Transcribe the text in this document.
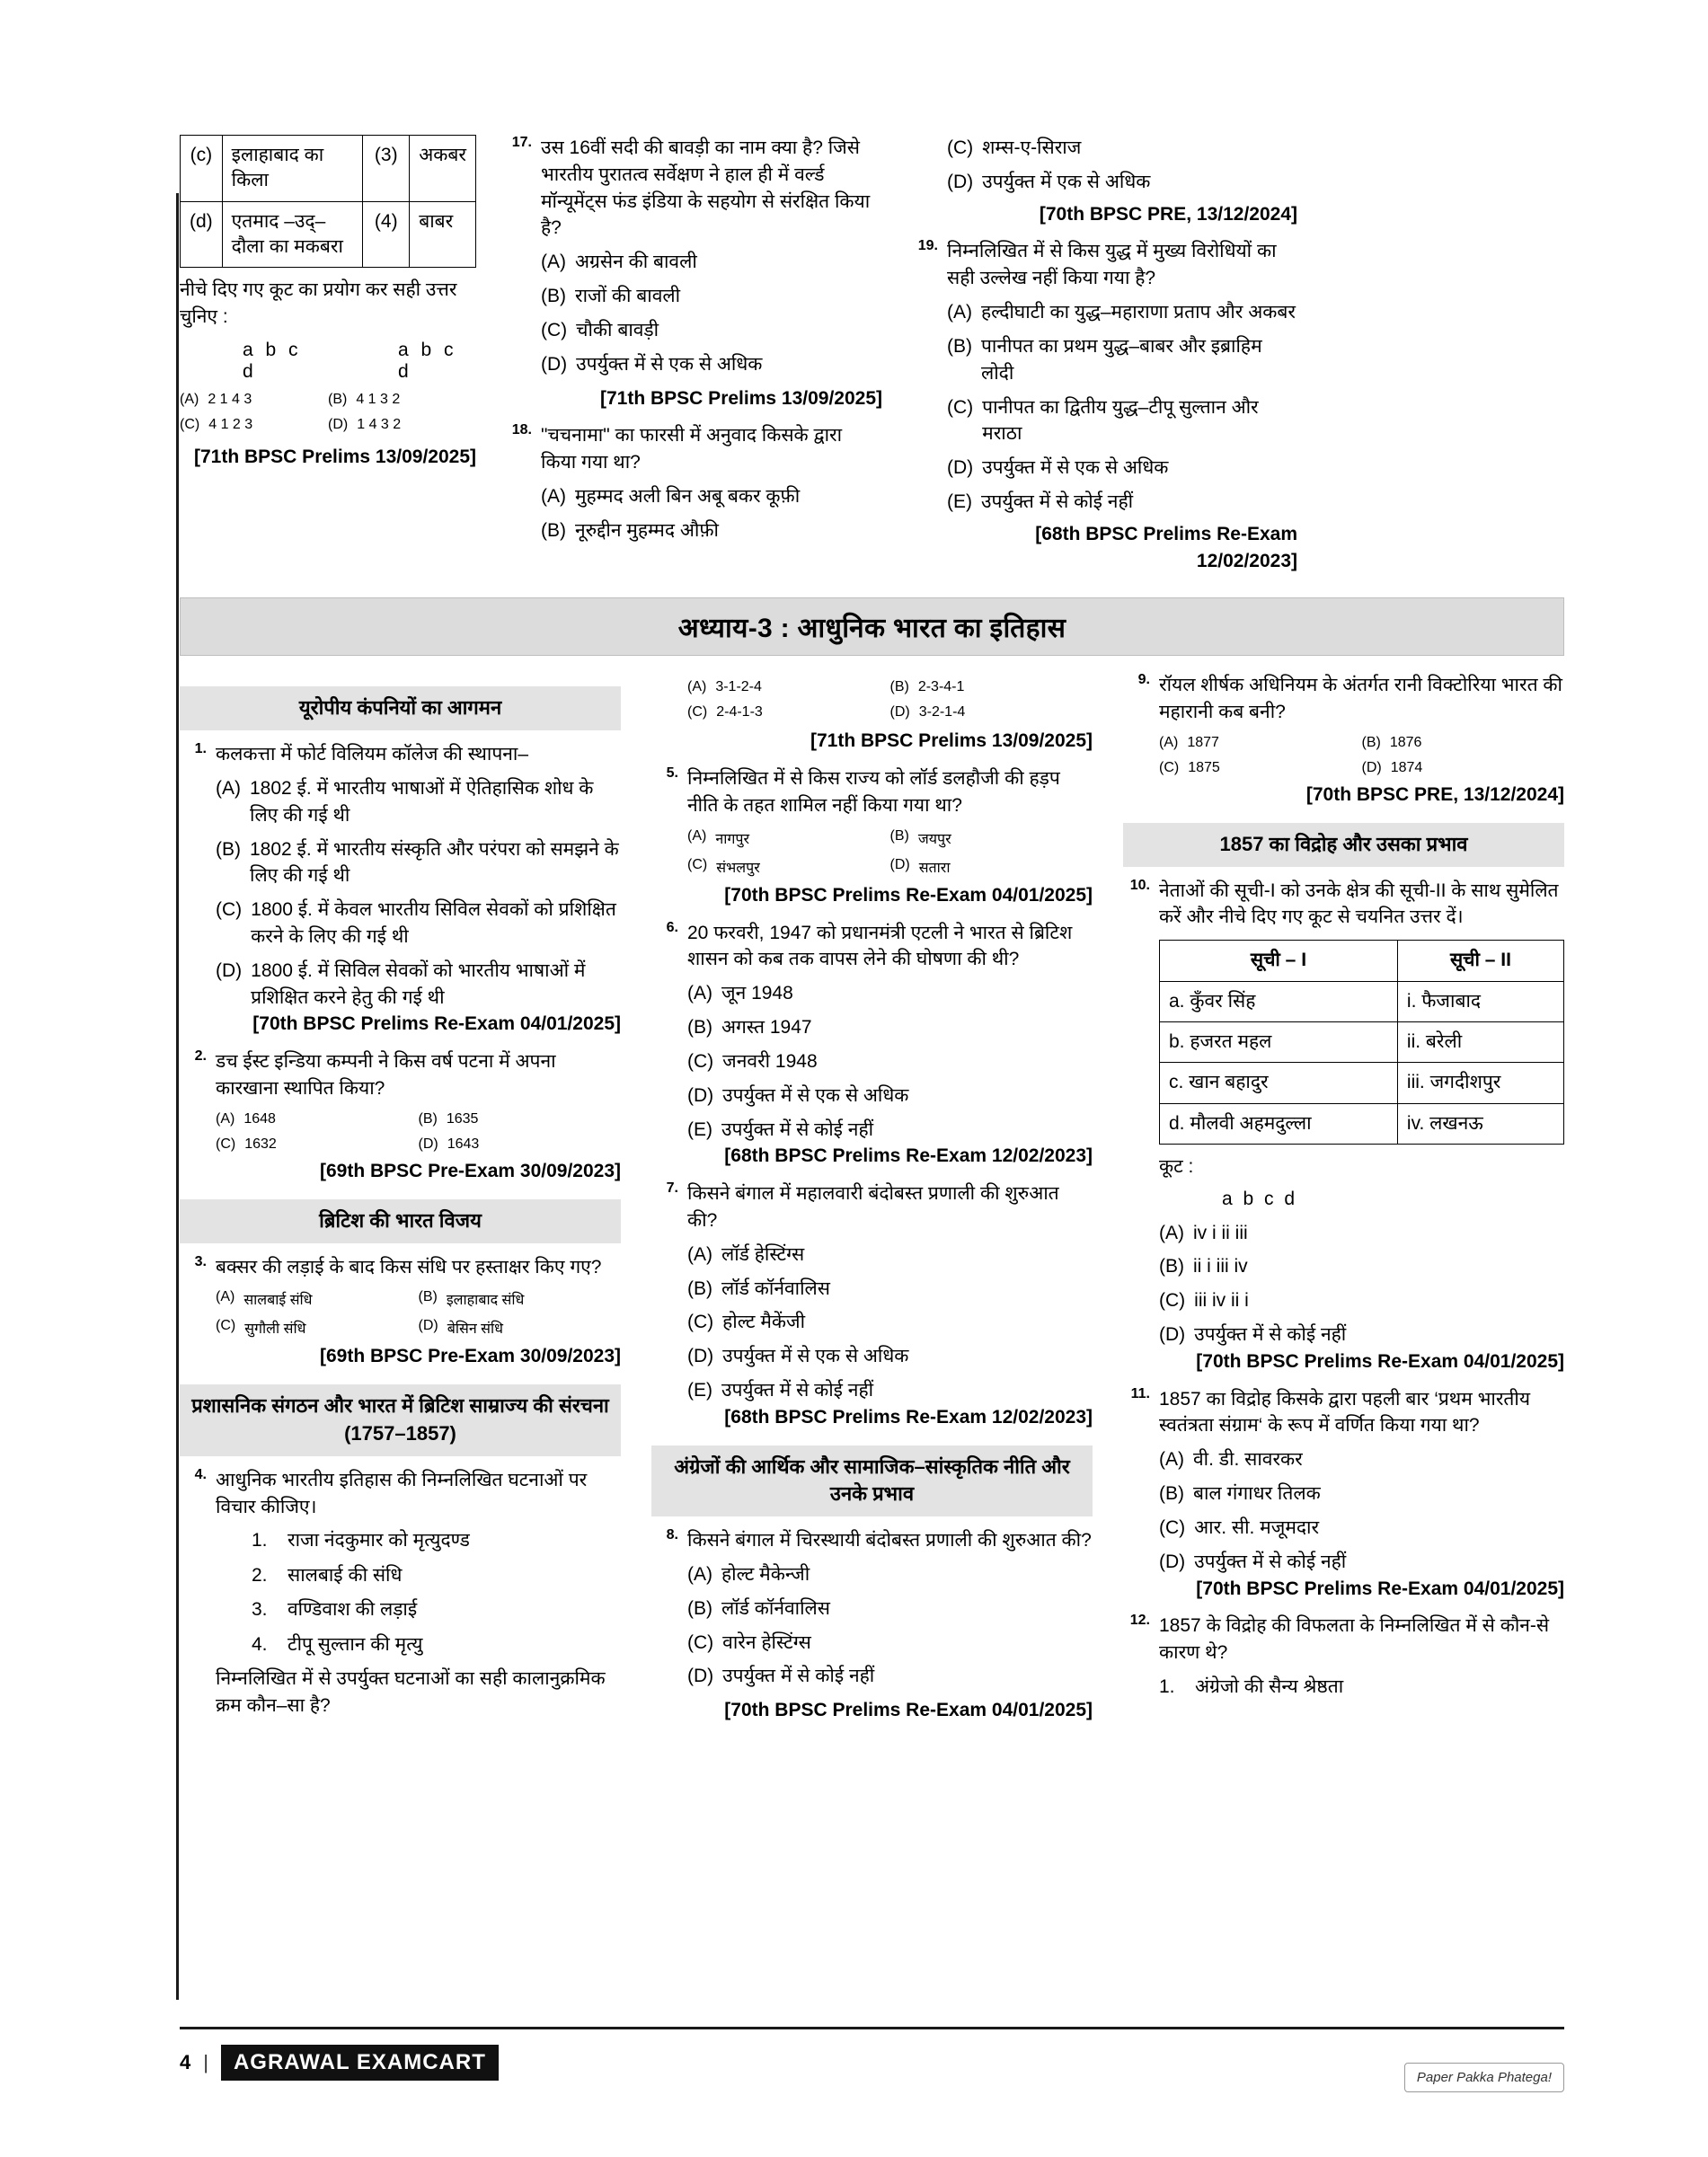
(c)	इलाहाबाद का किला	(3)	अकबर
(d)	एतमाद –उद्–दौला का मकबरा	(4)	बाबर
नीचे दिए गए कूट का प्रयोग कर सही उत्तर चुनिए :
a b c d
a b c d
(A) 2 1 4 3	(B) 4 1 3 2
(C) 4 1 2 3	(D) 1 4 3 2
[71th BPSC Prelims 13/09/2025]
17. उस 16वीं सदी की बावड़ी का नाम क्या है? जिसे भारतीय पुरातत्व सर्वेक्षण ने हाल ही में वर्ल्ड मॉन्यूमेंट्स फंड इंडिया के सहयोग से संरक्षित किया है?
(A) अग्रसेन की बावली
(B) राजों की बावली
(C) चौकी बावड़ी
(D) उपर्युक्त में से एक से अधिक
[71th BPSC Prelims 13/09/2025]
18. "चचनामा" का फारसी में अनुवाद किसके द्वारा किया गया था?
(A) मुहम्मद अली बिन अबू बकर कूफ़ी
(B) नूरुद्दीन मुहम्मद औफ़ी
(C) शम्स-ए-सिराज
(D) उपर्युक्त में एक से अधिक
[70th BPSC PRE, 13/12/2024]
19. निम्नलिखित में से किस युद्ध में मुख्य विरोधियों का सही उल्लेख नहीं किया गया है?
(A) हल्दीघाटी का युद्ध–महाराणा प्रताप और अकबर
(B) पानीपत का प्रथम युद्ध–बाबर और इब्राहिम लोदी
(C) पानीपत का द्वितीय युद्ध–टीपू सुल्तान और मराठा
(D) उपर्युक्त में से एक से अधिक
(E) उपर्युक्त में से कोई नहीं
[68th BPSC Prelims Re-Exam 12/02/2023]
अध्याय-3 : आधुनिक भारत का इतिहास
यूरोपीय कंपनियों का आगमन
1. कलकत्ता में फोर्ट विलियम कॉलेज की स्थापना–
(A) 1802 ई. में भारतीय भाषाओं में ऐतिहासिक शोध के लिए की गई थी
(B) 1802 ई. में भारतीय संस्कृति और परंपरा को समझने के लिए की गई थी
(C) 1800 ई. में केवल भारतीय सिविल सेवकों को प्रशिक्षित करने के लिए की गई थी
(D) 1800 ई. में सिविल सेवकों को भारतीय भाषाओं में प्रशिक्षित करने हेतु की गई थी
[70th BPSC Prelims Re-Exam 04/01/2025]
2. डच ईस्ट इन्डिया कम्पनी ने किस वर्ष पटना में अपना कारखाना स्थापित किया?
(A) 1648	(B) 1635
(C) 1632	(D) 1643
[69th BPSC Pre-Exam 30/09/2023]
ब्रिटिश की भारत विजय
3. बक्सर की लड़ाई के बाद किस संधि पर हस्ताक्षर किए गए?
(A) सालबाई संधि	(B) इलाहाबाद संधि
(C) सुगौली संधि	(D) बेसिन संधि
[69th BPSC Pre-Exam 30/09/2023]
प्रशासनिक संगठन और भारत में ब्रिटिश साम्राज्य की संरचना (1757–1857)
4. आधुनिक भारतीय इतिहास की निम्नलिखित घटनाओं पर विचार कीजिए।
1. राजा नंदकुमार को मृत्युदण्ड
2. सालबाई की संधि
3. वण्डिवाश की लड़ाई
4. टीपू सुल्तान की मृत्यु
निम्नलिखित में से उपर्युक्त घटनाओं का सही कालानुक्रमिक क्रम कौन–सा है?
(A) 3-1-2-4	(B) 2-3-4-1
(C) 2-4-1-3	(D) 3-2-1-4
[71th BPSC Prelims 13/09/2025]
5. निम्नलिखित में से किस राज्य को लॉर्ड डलहौजी की हड़प नीति के तहत शामिल नहीं किया गया था?
(A) नागपुर	(B) जयपुर
(C) संभलपुर	(D) सतारा
[70th BPSC Prelims Re-Exam 04/01/2025]
6. 20 फरवरी, 1947 को प्रधानमंत्री एटली ने भारत से ब्रिटिश शासन को कब तक वापस लेने की घोषणा की थी?
(A) जून 1948
(B) अगस्त 1947
(C) जनवरी 1948
(D) उपर्युक्त में से एक से अधिक
(E) उपर्युक्त में से कोई नहीं
[68th BPSC Prelims Re-Exam 12/02/2023]
7. किसने बंगाल में महालवारी बंदोबस्त प्रणाली की शुरुआत की?
(A) लॉर्ड हेस्टिंग्स
(B) लॉर्ड कॉर्नवालिस
(C) होल्ट मैकेंजी
(D) उपर्युक्त में से एक से अधिक
(E) उपर्युक्त में से कोई नहीं
[68th BPSC Prelims Re-Exam 12/02/2023]
अंग्रेजों की आर्थिक और सामाजिक–सांस्कृतिक नीति और उनके प्रभाव
8. किसने बंगाल में चिरस्थायी बंदोबस्त प्रणाली की शुरुआत की?
(A) होल्ट मैकेन्जी
(B) लॉर्ड कॉर्नवालिस
(C) वारेन हेस्टिंग्स
(D) उपर्युक्त में से कोई नहीं
[70th BPSC Prelims Re-Exam 04/01/2025]
9. रॉयल शीर्षक अधिनियम के अंतर्गत रानी विक्टोरिया भारत की महारानी कब बनी?
(A) 1877	(B) 1876
(C) 1875	(D) 1874
[70th BPSC PRE, 13/12/2024]
1857 का विद्रोह और उसका प्रभाव
10. नेताओं की सूची-I को उनके क्षेत्र की सूची-II के साथ सुमेलित करें और नीचे दिए गए कूट से चयनित उत्तर दें।
सूची – I	सूची – II
a. कुँवर सिंह	i. फैजाबाद
b. हजरत महल	ii. बरेली
c. खान बहादुर	iii. जगदीशपुर
d. मौलवी अहमदुल्ला	iv. लखनऊ
कूट :
a b c d
(A) iv i ii iii
(B) ii i iii iv
(C) iii iv ii i
(D) उपर्युक्त में से कोई नहीं
[70th BPSC Prelims Re-Exam 04/01/2025]
11. 1857 का विद्रोह किसके द्वारा पहली बार ‘प्रथम भारतीय स्वतंत्रता संग्राम‘ के रूप में वर्णित किया गया था?
(A) वी. डी. सावरकर
(B) बाल गंगाधर तिलक
(C) आर. सी. मजूमदार
(D) उपर्युक्त में से कोई नहीं
[70th BPSC Prelims Re-Exam 04/01/2025]
12. 1857 के विद्रोह की विफलता के निम्नलिखित में से कौन-से कारण थे?
1. अंग्रेजो की सैन्य श्रेष्ठता
4 |	AGRAWAL EXAMCART
Paper Pakka Phatega!
